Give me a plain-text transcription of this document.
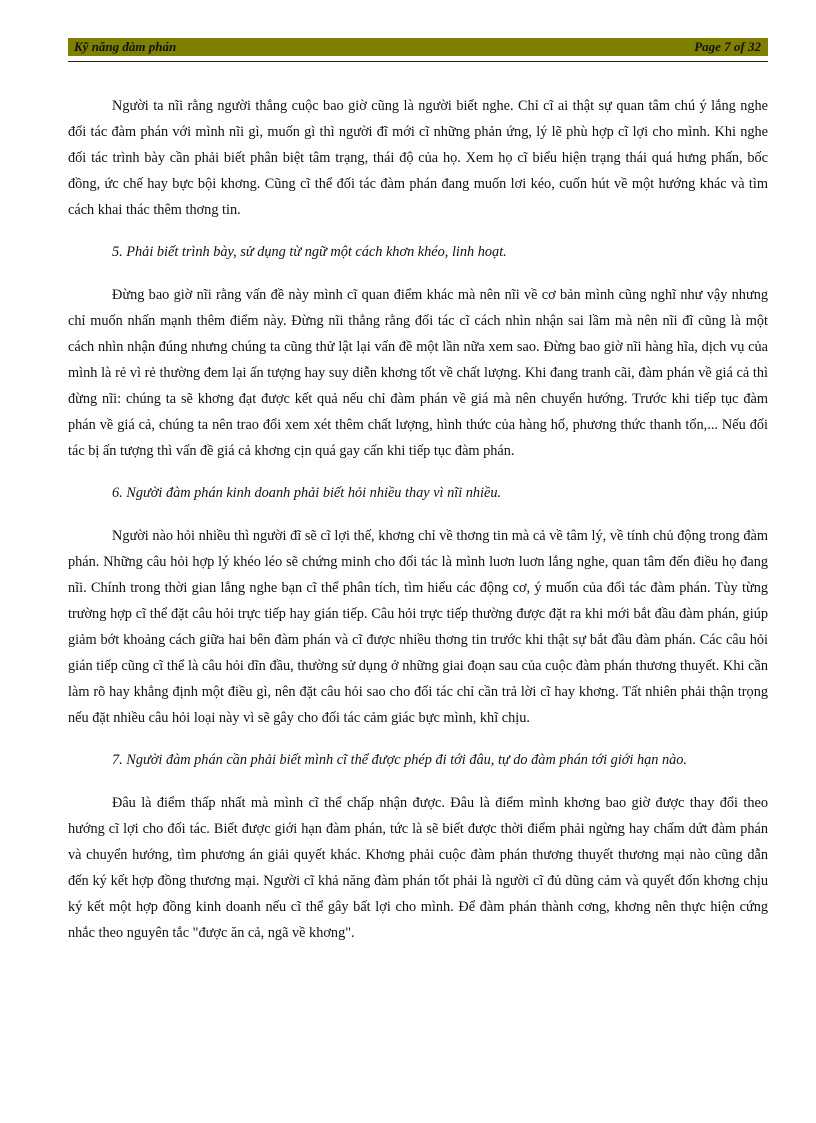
Kỹ năng đàm phán	Page 7 of 32

Người ta nĩi rằng người thắng cuộc bao giờ cũng là người biết nghe. Chỉ cĩ ai thật sự quan tâm chú ý lắng nghe đối tác đàm phán với mình nĩi gì, muốn gì thì người đĩ mới cĩ những phản ứng, lý lẽ phù hợp cĩ lợi cho mình. Khi nghe đối tác trình bày cần phải biết phân biệt tâm trạng, thái độ của họ. Xem họ cĩ biểu hiện trạng thái quá hưng phấn, bốc đồng, ức chế hay bực bội khơng. Cũng cĩ thể đối tác đàm phán đang muốn lơi kéo, cuốn hút về một hướng khác và tìm cách khai thác thêm thơng tin.

5. Phải biết trình bày, sử dụng từ ngữ một cách khơn khéo, linh hoạt.

Đừng bao giờ nĩi rằng vấn đề này mình cĩ quan điểm khác mà nên nĩi về cơ bản mình cũng nghĩ như vậy nhưng chỉ muốn nhấn mạnh thêm điểm này. Đừng nĩi thẳng rằng đối tác cĩ cách nhìn nhận sai lầm mà nên nĩi đĩ cũng là một cách nhìn nhận đúng nhưng chúng ta cũng thử lật lại vấn đề một lần nữa xem sao. Đừng bao giờ nĩi hàng hĩa, dịch vụ của mình là rẻ vì rẻ thường đem lại ấn tượng hay suy diễn khơng tốt về chất lượng. Khi đang tranh cãi, đàm phán về giá cả thì đừng nĩi: chúng ta sẽ khơng đạt được kết quả nếu chỉ đàm phán về giá mà nên chuyển hướng. Trước khi tiếp tục đàm phán về giá cả, chúng ta nên trao đổi xem xét thêm chất lượng, hình thức của hàng hố, phương thức thanh tốn,... Nếu đối tác bị ấn tượng thì vấn đề giá cả khơng cịn quá gay cấn khi tiếp tục đàm phán.

6. Người đàm phán kinh doanh phải biết hỏi nhiều thay vì nĩi nhiều.

Người nào hỏi nhiều thì người đĩ sẽ cĩ lợi thế, khơng chỉ về thơng tin mà cả về tâm lý, về tính chủ động trong đàm phán. Những câu hỏi hợp lý khéo léo sẽ chứng minh cho đối tác là mình luơn luơn lắng nghe, quan tâm đến điều họ đang nĩi. Chính trong thời gian lắng nghe bạn cĩ thể phân tích, tìm hiểu các động cơ, ý muốn của đối tác đàm phán. Tùy từng trường hợp cĩ thể đặt câu hỏi trực tiếp hay gián tiếp. Câu hỏi trực tiếp thường được đặt ra khi mới bắt đầu đàm phán, giúp giảm bớt khoảng cách giữa hai bên đàm phán và cĩ được nhiều thơng tin trước khi thật sự bắt đầu đàm phán. Các câu hỏi gián tiếp cũng cĩ thể là câu hỏi dĩn đầu, thường sử dụng ở những giai đoạn sau của cuộc đàm phán thương thuyết. Khi cần làm rõ hay khẳng định một điều gì, nên đặt câu hỏi sao cho đối tác chỉ cần trả lời cĩ hay khơng. Tất nhiên phải thận trọng nếu đặt nhiều câu hỏi loại này vì sẽ gây cho đối tác cảm giác bực mình, khĩ chịu.

7. Người đàm phán cần phải biết mình cĩ thể được phép đi tới đâu, tự do đàm phán tới giới hạn nào.

Đâu là điểm thấp nhất mà mình cĩ thể chấp nhận được. Đâu là điểm mình khơng bao giờ được thay đổi theo hướng cĩ lợi cho đối tác. Biết được giới hạn đàm phán, tức là sẽ biết được thời điểm phải ngừng hay chấm dứt đàm phán và chuyển hướng, tìm phương án giải quyết khác. Khơng phải cuộc đàm phán thương thuyết thương mại nào cũng dẫn đến ký kết hợp đồng thương mại. Người cĩ khả năng đàm phán tốt phải là người cĩ đủ dũng cảm và quyết đốn khơng chịu ký kết một hợp đồng kinh doanh nếu cĩ thể gây bất lợi cho mình. Để đàm phán thành cơng, khơng nên thực hiện cứng nhắc theo nguyên tắc "được ăn cả, ngã về khơng".
